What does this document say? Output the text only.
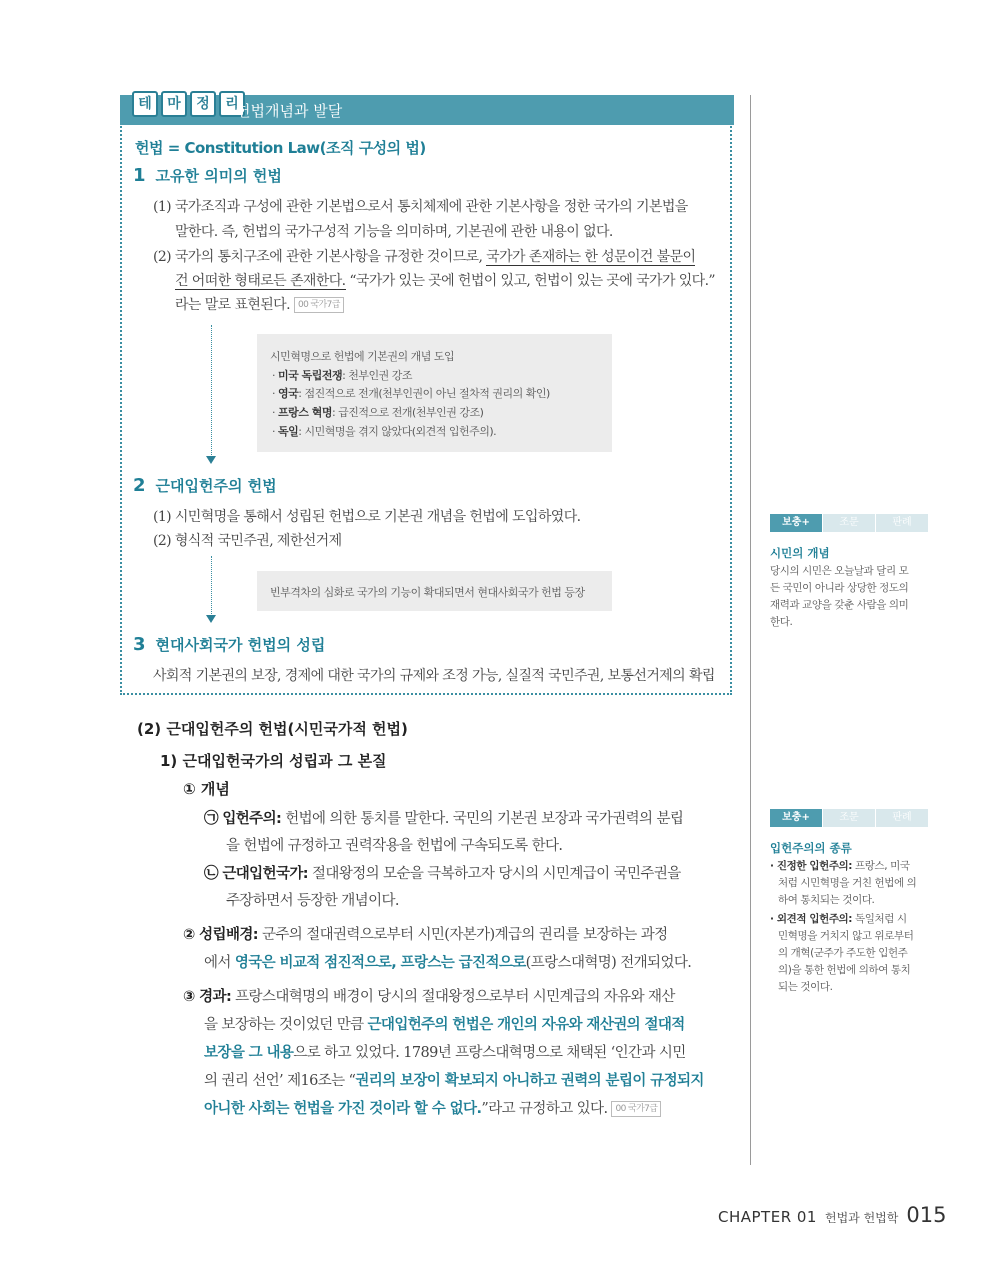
테	마	정	리
헌법개념과 발달
헌법 = Constitution Law(조직 구성의 법)
1 고유한 의미의 헌법
(1) 국가조직과 구성에 관한 기본법으로서 통치체제에 관한 기본사항을 정한 국가의 기본법을
말한다. 즉, 헌법의 국가구성적 기능을 의미하며, 기본권에 관한 내용이 없다.
(2) 국가의 통치구조에 관한 기본사항을 규정한 것이므로, 국가가 존재하는 한 성문이건 불문이
건 어떠한 형태로든 존재한다. “국가가 있는 곳에 헌법이 있고, 헌법이 있는 곳에 국가가 있다.”
라는 말로 표현된다. 00 국가7급
시민혁명으로 헌법에 기본권의 개념 도입
· 미국 독립전쟁: 천부인권 강조
· 영국: 점진적으로 전개(천부인권이 아닌 절차적 권리의 확인)
· 프랑스 혁명: 급진적으로 전개(천부인권 강조)
· 독일: 시민혁명을 겪지 않았다(외견적 입헌주의).
2 근대입헌주의 헌법
(1) 시민혁명을 통해서 성립된 헌법으로 기본권 개념을 헌법에 도입하였다.
(2) 형식적 국민주권, 제한선거제
빈부격차의 심화로 국가의 기능이 확대되면서 현대사회국가 헌법 등장
3 현대사회국가 헌법의 성립
사회적 기본권의 보장, 경제에 대한 국가의 규제와 조정 가능, 실질적 국민주권, 보통선거제의 확립
(2) 근대입헌주의 헌법(시민국가적 헌법)
1) 근대입헌국가의 성립과 그 본질
① 개념
㉠ 입헌주의: 헌법에 의한 통치를 말한다. 국민의 기본권 보장과 국가권력의 분립
을 헌법에 규정하고 권력작용을 헌법에 구속되도록 한다.
㉡ 근대입헌국가: 절대왕정의 모순을 극복하고자 당시의 시민계급이 국민주권을
주장하면서 등장한 개념이다.
② 성립배경: 군주의 절대권력으로부터 시민(자본가)계급의 권리를 보장하는 과정
에서 영국은 비교적 점진적으로, 프랑스는 급진적으로(프랑스대혁명) 전개되었다.
③ 경과: 프랑스대혁명의 배경이 당시의 절대왕정으로부터 시민계급의 자유와 재산
을 보장하는 것이었던 만큼 근대입헌주의 헌법은 개인의 자유와 재산권의 절대적
보장을 그 내용으로 하고 있었다. 1789년 프랑스대혁명으로 채택된 ‘인간과 시민
의 권리 선언’ 제16조는 “권리의 보장이 확보되지 아니하고 권력의 분립이 규정되지
아니한 사회는 헌법을 가진 것이라 할 수 없다.”라고 규정하고 있다. 00 국가7급
보충+	조문	판례
시민의 개념
당시의 시민은 오늘날과 달리 모
든 국민이 아니라 상당한 정도의
재력과 교양을 갖춘 사람을 의미
한다.
보충+	조문	판례
입헌주의의 종류
· 진정한 입헌주의: 프랑스, 미국
처럼 시민혁명을 거친 헌법에 의
하여 통치되는 것이다.
· 외견적 입헌주의: 독일처럼 시
민혁명을 거치지 않고 위로부터
의 개혁(군주가 주도한 입헌주
의)을 통한 헌법에 의하여 통치
되는 것이다.
CHAPTER 01 헌법과 헌법학 015
